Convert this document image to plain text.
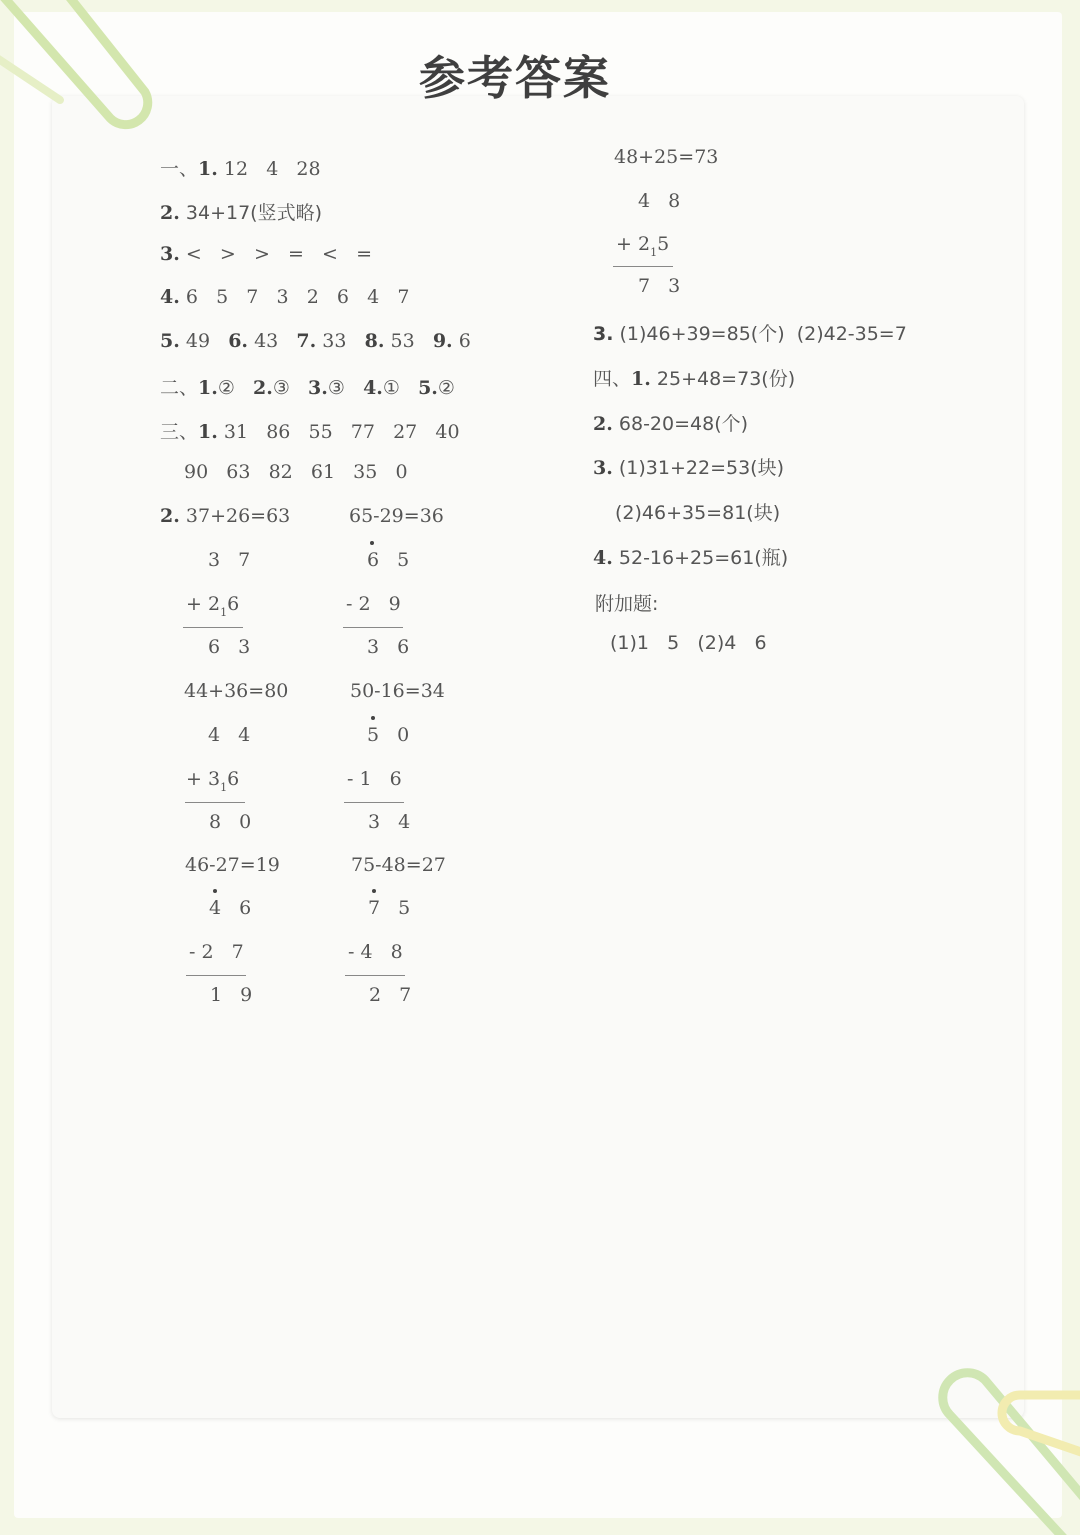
参考答案
一、1. 12   4   28
2. 34+17(竖式略)
3. <   >   >   =   <   =
4. 6   5   7   3   2   6   4   7
5. 49 6. 43 7. 33 8. 53 9. 6
二、1.② 2.③ 3.③ 4.① 5.②
三、1. 31   86   55   77   27   40
90   63   82   61   35   0
2. 37+26=63	65-29=36
3 7
+ $2_16$
6 3
6 5
- 2 9
3 6
44+36=80	50-16=34
4 4
+ $3_16$
8 0
5 0
- 1 6
3 4
46-27=19	75-48=27
4 6
- 2 7
1 9
7 5
- 4 8
2 7
48+25=73
4 8
+ $2_15$
7 3
3. (1)46+39=85(个)  (2)42-35=7
四、1. 25+48=73(份)
2. 68-20=48(个)
3. (1)31+22=53(块)
(2)46+35=81(块)
4. 52-16+25=61(瓶)
附加题:
(1)1   5   (2)4   6
